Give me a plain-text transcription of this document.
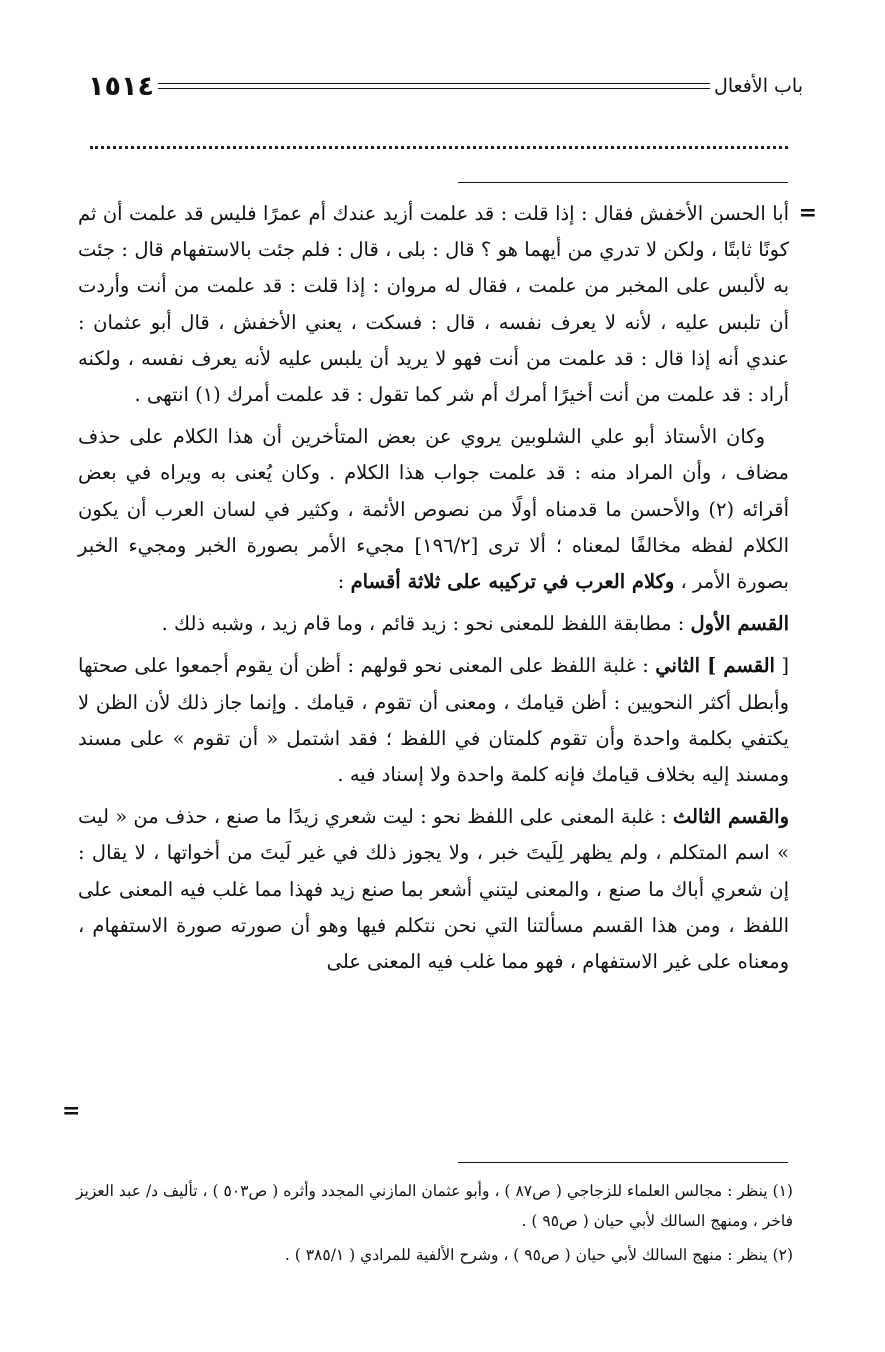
باب الأفعال
١٥١٤
=

أبا الحسن الأخفش فقال : إذا قلت : قد علمت أزيد عندك أم عمرًا فليس قد علمت أن ثم كونًا ثابتًا ، ولكن لا تدري من أيهما هو ؟ قال : بلى ، قال : فلم جئت بالاستفهام قال : جئت به لألبس على المخبر من علمت ، فقال له مروان : إذا قلت : قد علمت من أنت وأردت أن تلبس عليه ، لأنه لا يعرف نفسه ، قال : فسكت ، يعني الأخفش ، قال أبو عثمان : عندي أنه إذا قال : قد علمت من أنت فهو لا يريد أن يلبس عليه لأنه يعرف نفسه ، ولكنه أراد : قد علمت من أنت أخيرًا أمرك أم شر كما تقول : قد علمت أمرك (١) انتهى .

وكان الأستاذ أبو علي الشلوبين يروي عن بعض المتأخرين أن هذا الكلام على حذف مضاف ، وأن المراد منه : قد علمت جواب هذا الكلام . وكان يُعنى به ويراه في بعض أقرائه (٢) والأحسن ما قدمناه أولًا من نصوص الأئمة ، وكثير في لسان العرب أن يكون الكلام لفظه مخالفًا لمعناه ؛ ألا ترى [١٩٦/٢] مجيء الأمر بصورة الخبر ومجيء الخبر بصورة الأمر ، وكلام العرب في تركيبه على ثلاثة أقسام :

القسم الأول : مطابقة اللفظ للمعنى نحو : زيد قائم ، وما قام زيد ، وشبه ذلك .

[ القسم ] الثاني : غلبة اللفظ على المعنى نحو قولهم : أظن أن يقوم أجمعوا على صحتها وأبطل أكثر النحويين : أظن قيامك ، ومعنى أن تقوم ، قيامك . وإنما جاز ذلك لأن الظن لا يكتفي بكلمة واحدة وأن تقوم كلمتان في اللفظ ؛ فقد اشتمل « أن تقوم » على مسند ومسند إليه بخلاف قيامك فإنه كلمة واحدة ولا إسناد فيه .

والقسم الثالث : غلبة المعنى على اللفظ نحو : ليت شعري زيدًا ما صنع ، حذف من « ليت » اسم المتكلم ، ولم يظهر لِلَيتَ خبر ، ولا يجوز ذلك في غير لَيتَ من أخواتها ، لا يقال : إن شعري أباك ما صنع ، والمعنى ليتني أشعر بما صنع زيد فهذا مما غلب فيه المعنى على اللفظ ، ومن هذا القسم مسألتنا التي نحن نتكلم فيها وهو أن صورته صورة الاستفهام ، ومعناه على غير الاستفهام ، فهو مما غلب فيه المعنى على

=

(١) ينظر : مجالس العلماء للزجاجي ( ص٨٧ ) ، وأبو عثمان المازني المجدد وأثره ( ص٥٠٣ ) ، تأليف د/ عبد العزيز فاخر ، ومنهج السالك لأبي حيان ( ص٩٥ ) .

(٢) ينظر : منهج السالك لأبي حيان ( ص٩٥ ) ، وشرح الألفية للمرادي ( ٣٨٥/١ ) .
